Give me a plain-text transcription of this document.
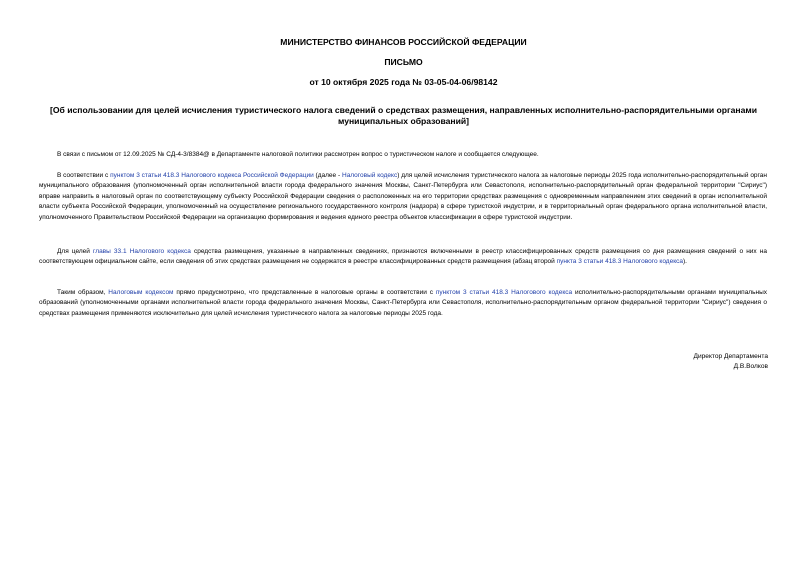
МИНИСТЕРСТВО ФИНАНСОВ РОССИЙСКОЙ ФЕДЕРАЦИИ
ПИСЬМО
от 10 октября 2025 года № 03-05-04-06/98142
[Об использовании для целей исчисления туристического налога сведений о средствах размещения, направленных исполнительно-распорядительными органами муниципальных образований]

В связи с письмом от 12.09.2025 № СД-4-3/8384@ в Департаменте налоговой политики рассмотрен вопрос о туристическом налоге и сообщается следующее.

В соответствии с пунктом 3 статьи 418.3 Налогового кодекса Российской Федерации (далее - Налоговый кодекс) для целей исчисления туристического налога за налоговые периоды 2025 года исполнительно-распорядительный орган муниципального образования (уполномоченный орган исполнительной власти города федерального значения Москвы, Санкт-Петербурга или Севастополя, исполнительно-распорядительный орган федеральной территории "Сириус") вправе направить в налоговый орган по соответствующему субъекту Российской Федерации сведения о расположенных на его территории средствах размещения с одновременным направлением этих сведений в орган исполнительной власти субъекта Российской Федерации, уполномоченный на осуществление регионального государственного контроля (надзора) в сфере туристской индустрии, и в территориальный орган федерального органа исполнительной власти, уполномоченного Правительством Российской Федерации на организацию формирования и ведения единого реестра объектов классификации в сфере туристской индустрии.

Для целей главы 33.1 Налогового кодекса средства размещения, указанные в направленных сведениях, признаются включенными в реестр классифицированных средств размещения со дня размещения сведений о них на соответствующем официальном сайте, если сведения об этих средствах размещения не содержатся в реестре классифицированных средств размещения (абзац второй пункта 3 статьи 418.3 Налогового кодекса).

Таким образом, Налоговым кодексом прямо предусмотрено, что представленные в налоговые органы в соответствии с пунктом 3 статьи 418.3 Налогового кодекса исполнительно-распорядительными органами муниципальных образований (уполномоченными органами исполнительной власти города федерального значения Москвы, Санкт-Петербурга или Севастополя, исполнительно-распорядительным органом федеральной территории "Сириус") сведения о средствах размещения применяются исключительно для целей исчисления туристического налога за налоговые периоды 2025 года.

Директор Департамента
Д.В.Волков
